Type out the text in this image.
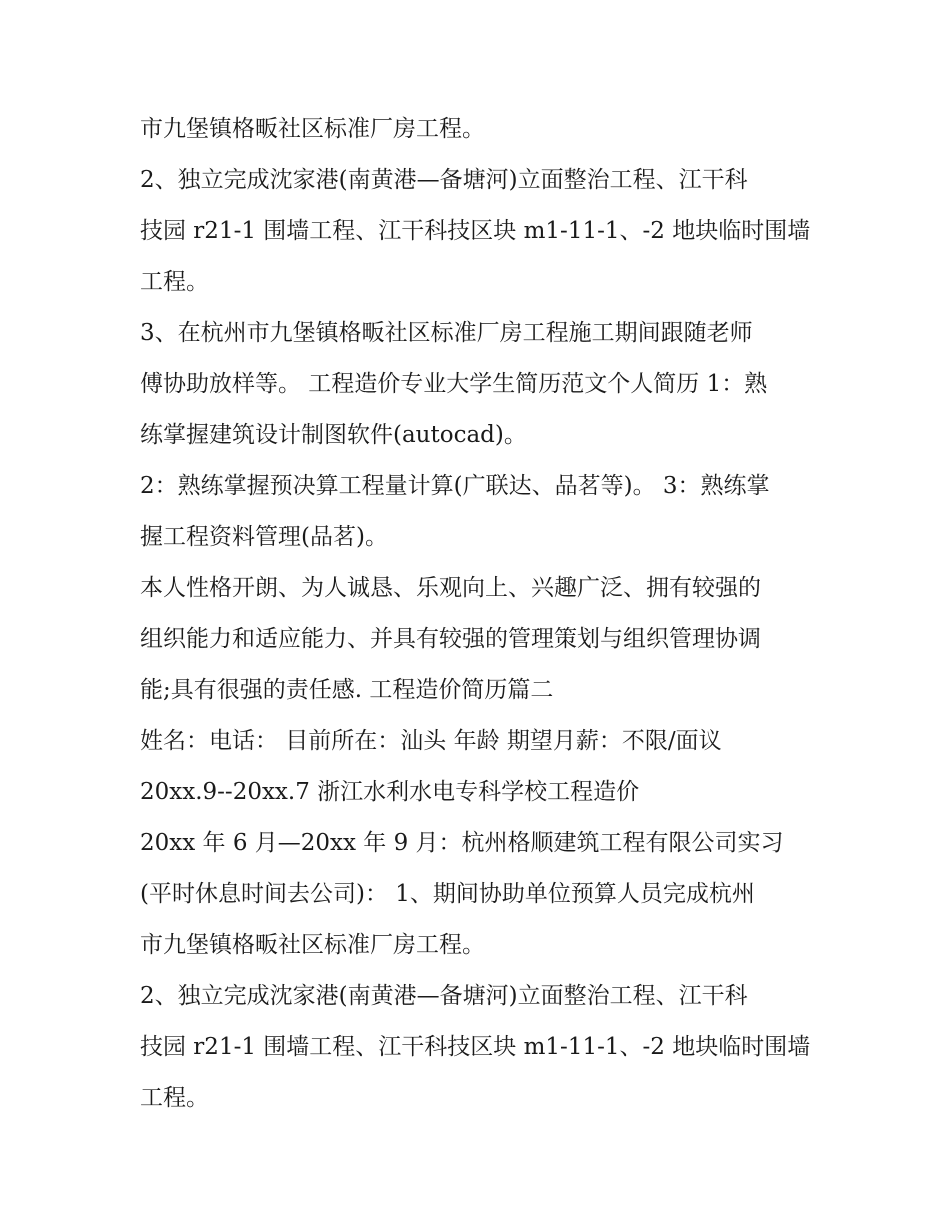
市九堡镇格畈社区标准厂房工程。
2、独立完成沈家港(南黄港—备塘河)立面整治工程、江干科
技园 r21-1 围墙工程、江干科技区块 m1-11-1、-2 地块临时围墙
工程。
3、在杭州市九堡镇格畈社区标准厂房工程施工期间跟随老师
傅协助放样等。 工程造价专业大学生简历范文个人简历 1：熟
练掌握建筑设计制图软件(autocad)。
2：熟练掌握预决算工程量计算(广联达、品茗等)。 3：熟练掌
握工程资料管理(品茗)。
本人性格开朗、为人诚恳、乐观向上、兴趣广泛、拥有较强的
组织能力和适应能力、并具有较强的管理策划与组织管理协调
能;具有很强的责任感. 工程造价简历篇二
姓名：电话： 目前所在：汕头 年龄 期望月薪：不限/面议
20xx.9--20xx.7 浙江水利水电专科学校工程造价
20xx 年 6 月—20xx 年 9 月：杭州格顺建筑工程有限公司实习
(平时休息时间去公司)： 1、期间协助单位预算人员完成杭州
市九堡镇格畈社区标准厂房工程。
2、独立完成沈家港(南黄港—备塘河)立面整治工程、江干科
技园 r21-1 围墙工程、江干科技区块 m1-11-1、-2 地块临时围墙
工程。
